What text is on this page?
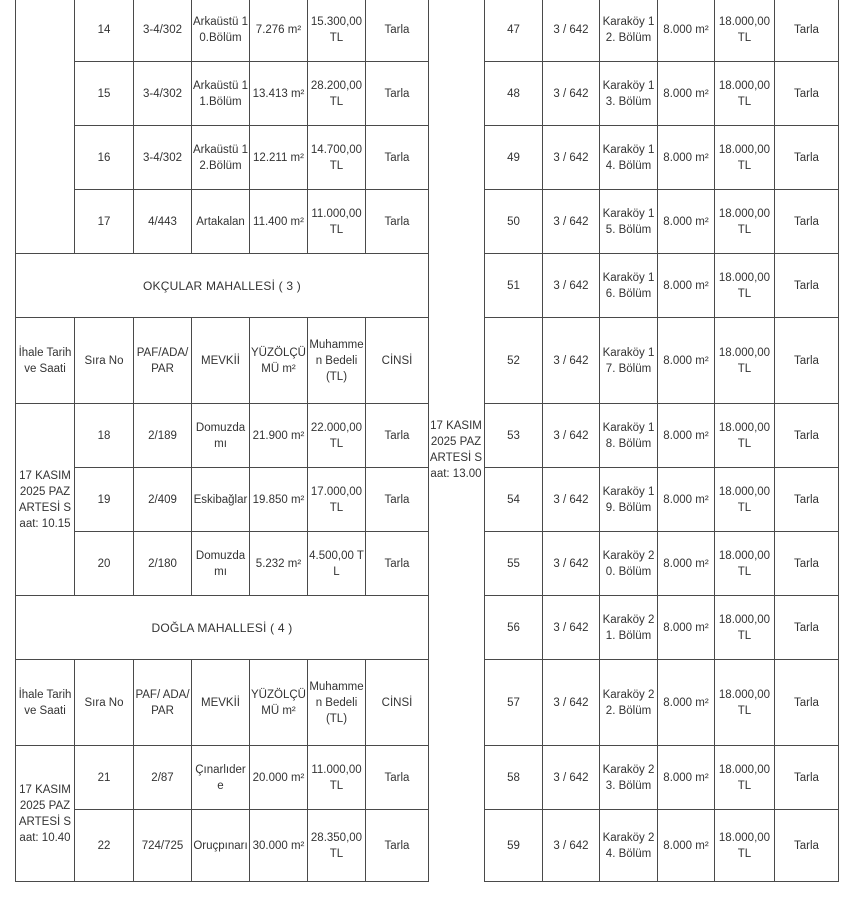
	14	3-4/302	Arkaüstü 10.Bölüm	7.276 m²	15.300,00 TL	Tarla
	15	3-4/302	Arkaüstü 11.Bölüm	13.413 m²	28.200,00 TL	Tarla
	16	3-4/302	Arkaüstü 12.Bölüm	12.211 m²	14.700,00 TL	Tarla
	17	4/443	Artakalan	11.400 m²	11.000,00 TL	Tarla
OKÇULAR MAHALLESİ ( 3 )						
İhale Tarih ve Saati	Sıra No	PAF/ADA/PAR	MEVKİİ	YÜZÖLÇÜMÜ m²	Muhammen Bedeli (TL)	CİNSİ
17 KASIM 2025 PAZARTESİ Saat: 10.15	18	2/189	Domuzdamı	21.900 m²	22.000,00 TL	Tarla
	19	2/409	Eskibağlar	19.850 m²	17.000,00 TL	Tarla
	20	2/180	Domuzdamı	5.232 m²	4.500,00 TL	Tarla
DOĞLA MAHALLESİ ( 4 )						
İhale Tarih ve Saati	Sıra No	PAF/ ADA/PAR	MEVKİİ	YÜZÖLÇÜMÜ m²	Muhammen Bedeli (TL)	CİNSİ
17 KASIM 2025 PAZARTESİ Saat: 10.40	21	2/87	Çınarlıdere	20.000 m²	11.000,00 TL	Tarla
	22	724/725	Oruçpınarı	30.000 m²	28.350,00 TL	Tarla

47	3 / 642	Karaköy 12. Bölüm	8.000 m²	18.000,00 TL	Tarla
48	3 / 642	Karaköy 13. Bölüm	8.000 m²	18.000,00 TL	Tarla
49	3 / 642	Karaköy 14. Bölüm	8.000 m²	18.000,00 TL	Tarla
50	3 / 642	Karaköy 15. Bölüm	8.000 m²	18.000,00 TL	Tarla
51	3 / 642	Karaköy 16. Bölüm	8.000 m²	18.000,00 TL	Tarla
52	3 / 642	Karaköy 17. Bölüm	8.000 m²	18.000,00 TL	Tarla
53	3 / 642	Karaköy 18. Bölüm	8.000 m²	18.000,00 TL	Tarla
54	3 / 642	Karaköy 19. Bölüm	8.000 m²	18.000,00 TL	Tarla
55	3 / 642	Karaköy 20. Bölüm	8.000 m²	18.000,00 TL	Tarla
56	3 / 642	Karaköy 21. Bölüm	8.000 m²	18.000,00 TL	Tarla
57	3 / 642	Karaköy 22. Bölüm	8.000 m²	18.000,00 TL	Tarla
58	3 / 642	Karaköy 23. Bölüm	8.000 m²	18.000,00 TL	Tarla
59	3 / 642	Karaköy 24. Bölüm	8.000 m²	18.000,00 TL	Tarla
17 KASIM 2025 PAZARTESİ Saat: 13.00
